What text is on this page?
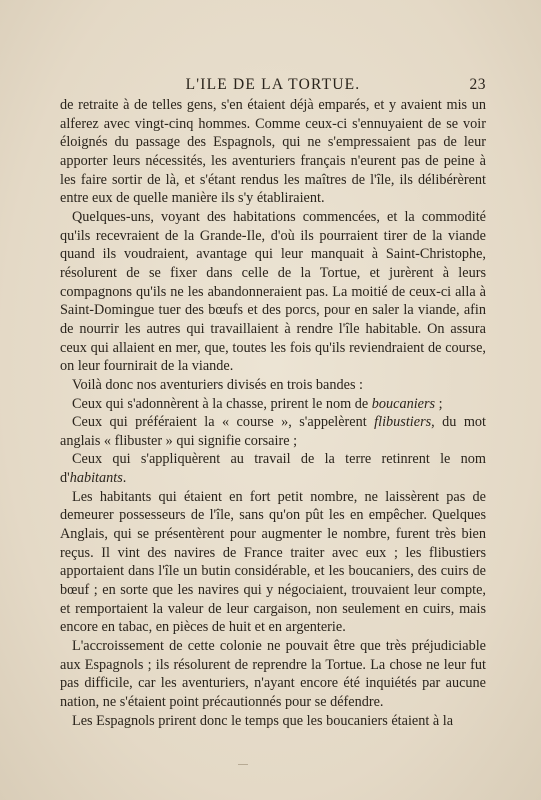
L'ILE DE LA TORTUE.	23

de retraite à de telles gens, s'en étaient déjà emparés, et y avaient mis un alferez avec vingt-cinq hommes. Comme ceux-ci s'ennuyaient de se voir éloignés du passage des Espagnols, qui ne s'empressaient pas de leur apporter leurs nécessités, les aventuriers français n'eurent pas de peine à les faire sortir de là, et s'étant rendus les maîtres de l'île, ils délibérèrent entre eux de quelle manière ils s'y établiraient.

Quelques-uns, voyant des habitations commencées, et la commodité qu'ils recevraient de la Grande-Ile, d'où ils pourraient tirer de la viande quand ils voudraient, avantage qui leur manquait à Saint-Christophe, résolurent de se fixer dans celle de la Tortue, et jurèrent à leurs compagnons qu'ils ne les abandonneraient pas. La moitié de ceux-ci alla à Saint-Domingue tuer des bœufs et des porcs, pour en saler la viande, afin de nourrir les autres qui travaillaient à rendre l'île habitable. On assura ceux qui allaient en mer, que, toutes les fois qu'ils reviendraient de course, on leur fournirait de la viande.

Voilà donc nos aventuriers divisés en trois bandes :

Ceux qui s'adonnèrent à la chasse, prirent le nom de boucaniers ;

Ceux qui préféraient la « course », s'appelèrent flibustiers, du mot anglais « flibuster » qui signifie corsaire ;

Ceux qui s'appliquèrent au travail de la terre retinrent le nom d'habitants.

Les habitants qui étaient en fort petit nombre, ne laissèrent pas de demeurer possesseurs de l'île, sans qu'on pût les en empêcher. Quelques Anglais, qui se présentèrent pour augmenter le nombre, furent très bien reçus. Il vint des navires de France traiter avec eux ; les flibustiers apportaient dans l'île un butin considérable, et les boucaniers, des cuirs de bœuf ; en sorte que les navires qui y négociaient, trouvaient leur compte, et remportaient la valeur de leur cargaison, non seulement en cuirs, mais encore en tabac, en pièces de huit et en argenterie.

L'accroissement de cette colonie ne pouvait être que très préjudiciable aux Espagnols ; ils résolurent de reprendre la Tortue. La chose ne leur fut pas difficile, car les aventuriers, n'ayant encore été inquiétés par aucune nation, ne s'étaient point précautionnés pour se défendre.

Les Espagnols prirent donc le temps que les boucaniers étaient à la
